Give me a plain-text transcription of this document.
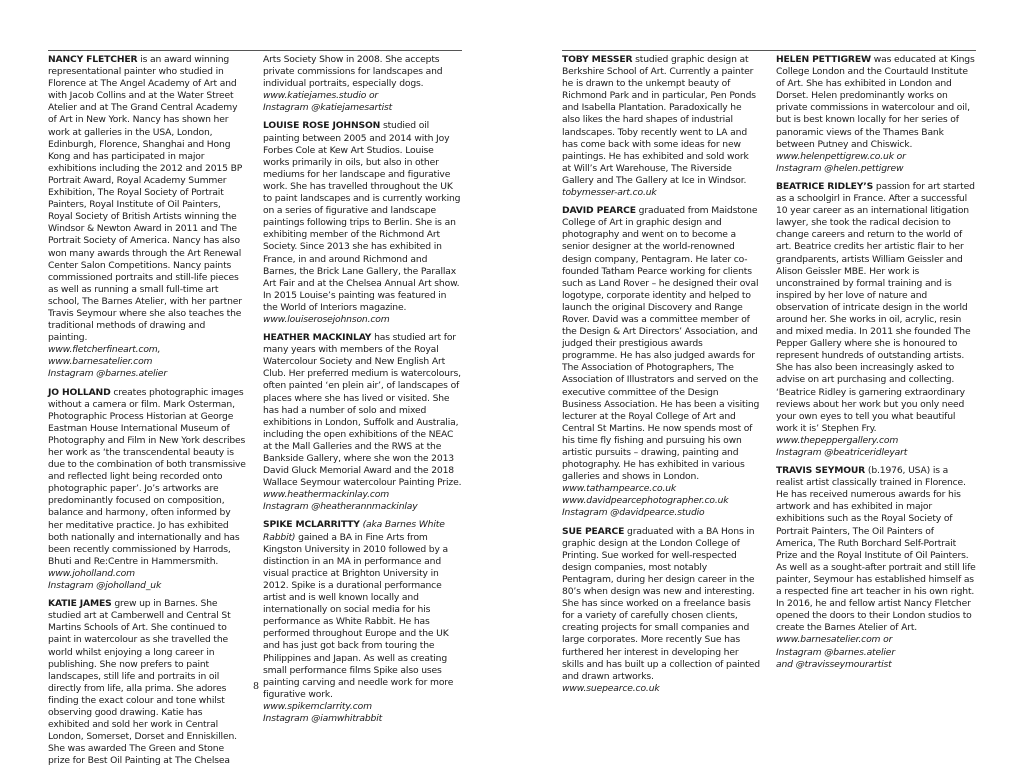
NANCY FLETCHER is an award winning representational painter who studied in Florence at The Angel Academy of Art and with Jacob Collins and at the Water Street Atelier and at The Grand Central Academy of Art in New York. Nancy has shown her work at galleries in the USA, London, Edinburgh, Florence, Shanghai and Hong Kong and has participated in major exhibitions including the 2012 and 2015 BP Portrait Award, Royal Academy Summer Exhibition, The Royal Society of Portrait Painters, Royal Institute of Oil Painters, Royal Society of British Artists winning the Windsor & Newton Award in 2011 and The Portrait Society of America. Nancy has also won many awards through the Art Renewal Center Salon Competitions. Nancy paints commissioned portraits and still-life pieces as well as running a small full-time art school, The Barnes Atelier, with her partner Travis Seymour where she also teaches the traditional methods of drawing and painting.
www.fletcherfineart.com,
www.barnesatelier.com
Instagram @barnes.atelier

JO HOLLAND creates photographic images without a camera or film. Mark Osterman, Photographic Process Historian at George Eastman House International Museum of Photography and Film in New York describes her work as ‘the transcendental beauty is due to the combination of both transmissive and reflected light being recorded onto photographic paper’. Jo’s artworks are predominantly focused on composition, balance and harmony, often informed by her meditative practice. Jo has exhibited both nationally and internationally and has been recently commissioned by Harrods, Bhuti and Re:Centre in Hammersmith.
www.joholland.com
Instagram @joholland_uk

KATIE JAMES grew up in Barnes. She studied art at Camberwell and Central St Martins Schools of Art. She continued to paint in watercolour as she travelled the world whilst enjoying a long career in publishing. She now prefers to paint landscapes, still life and portraits in oil directly from life, alla prima. She adores finding the exact colour and tone whilst observing good drawing. Katie has exhibited and sold her work in Central London, Somerset, Dorset and Enniskillen. She was awarded The Green and Stone prize for Best Oil Painting at The Chelsea

Arts Society Show in 2008. She accepts private commissions for landscapes and individual portraits, especially dogs.
www.katiejames.studio or
Instagram @katiejamesartist

LOUISE ROSE JOHNSON studied oil painting between 2005 and 2014 with Joy Forbes Cole at Kew Art Studios. Louise works primarily in oils, but also in other mediums for her landscape and figurative work. She has travelled throughout the UK to paint landscapes and is currently working on a series of figurative and landscape paintings following trips to Berlin. She is an exhibiting member of the Richmond Art Society. Since 2013 she has exhibited in France, in and around Richmond and Barnes, the Brick Lane Gallery, the Parallax Art Fair and at the Chelsea Annual Art show. In 2015 Louise’s painting was featured in the World of Interiors magazine.
www.louiserosejohnson.com

HEATHER MACKINLAY has studied art for many years with members of the Royal Watercolour Society and New English Art Club. Her preferred medium is watercolours, often painted ‘en plein air’, of landscapes of places where she has lived or visited. She has had a number of solo and mixed exhibitions in London, Suffolk and Australia, including the open exhibitions of the NEAC at the Mall Galleries and the RWS at the Bankside Gallery, where she won the 2013 David Gluck Memorial Award and the 2018 Wallace Seymour watercolour Painting Prize.
www.heathermackinlay.com
Instagram @heatherannmackinlay

SPIKE MCLARRITTY (aka Barnes White Rabbit) gained a BA in Fine Arts from Kingston University in 2010 followed by a distinction in an MA in performance and visual practice at Brighton University in 2012. Spike is a durational performance artist and is well known locally and internationally on social media for his performance as White Rabbit. He has performed throughout Europe and the UK and has just got back from touring the Philippines and Japan. As well as creating small performance films Spike also uses painting carving and needle work for more figurative work.
www.spikemclarrity.com
Instagram @iamwhitrabbit

TOBY MESSER studied graphic design at Berkshire School of Art. Currently a painter he is drawn to the unkempt beauty of Richmond Park and in particular, Pen Ponds and Isabella Plantation. Paradoxically he also likes the hard shapes of industrial landscapes. Toby recently went to LA and has come back with some ideas for new paintings. He has exhibited and sold work at Will’s Art Warehouse, The Riverside Gallery and The Gallery at Ice in Windsor.
tobymesser-art.co.uk

DAVID PEARCE graduated from Maidstone College of Art in graphic design and photography and went on to become a senior designer at the world-renowned design company, Pentagram. He later co-founded Tatham Pearce working for clients such as Land Rover – he designed their oval logotype, corporate identity and helped to launch the original Discovery and Range Rover. David was a committee member of the Design & Art Directors’ Association, and judged their prestigious awards programme. He has also judged awards for The Association of Photographers, The Association of Illustrators and served on the executive committee of the Design Business Association. He has been a visiting lecturer at the Royal College of Art and Central St Martins. He now spends most of his time fly fishing and pursuing his own artistic pursuits – drawing, painting and photography. He has exhibited in various galleries and shows in London.
www.tathampearce.co.uk
www.davidpearcephotographer.co.uk
Instagram @davidpearce.studio

SUE PEARCE graduated with a BA Hons in graphic design at the London College of Printing. Sue worked for well-respected design companies, most notably Pentagram, during her design career in the 80’s when design was new and interesting. She has since worked on a freelance basis for a variety of carefully chosen clients, creating projects for small companies and large corporates. More recently Sue has furthered her interest in developing her skills and has built up a collection of painted and drawn artworks.
www.suepearce.co.uk

HELEN PETTIGREW was educated at Kings College London and the Courtauld Institute of Art. She has exhibited in London and Dorset. Helen predominantly works on private commissions in watercolour and oil, but is best known locally for her series of panoramic views of the Thames Bank between Putney and Chiswick.
www.helenpettigrew.co.uk or
Instagram @helen.pettigrew

BEATRICE RIDLEY’S passion for art started as a schoolgirl in France. After a successful 10 year career as an international litigation lawyer, she took the radical decision to change careers and return to the world of art. Beatrice credits her artistic flair to her grandparents, artists William Geissler and Alison Geissler MBE. Her work is unconstrained by formal training and is inspired by her love of nature and observation of intricate design in the world around her. She works in oil, acrylic, resin and mixed media. In 2011 she founded The Pepper Gallery where she is honoured to represent hundreds of outstanding artists. She has also been increasingly asked to advise on art purchasing and collecting. ‘Beatrice Ridley is garnering extraordinary reviews about her work but you only need your own eyes to tell you what beautiful work it is’ Stephen Fry.
www.thepeppergallery.com
Instagram @beatriceridleyart

TRAVIS SEYMOUR (b.1976, USA) is a realist artist classically trained in Florence. He has received numerous awards for his artwork and has exhibited in major exhibitions such as the Royal Society of Portrait Painters, The Oil Painters of America, The Ruth Borchard Self-Portrait Prize and the Royal Institute of Oil Painters. As well as a sought-after portrait and still life painter, Seymour has established himself as a respected fine art teacher in his own right. In 2016, he and fellow artist Nancy Fletcher opened the doors to their London studios to create the Barnes Atelier of Art.
www.barnesatelier.com or
Instagram @barnes.atelier
and @travisseymourartist

8
